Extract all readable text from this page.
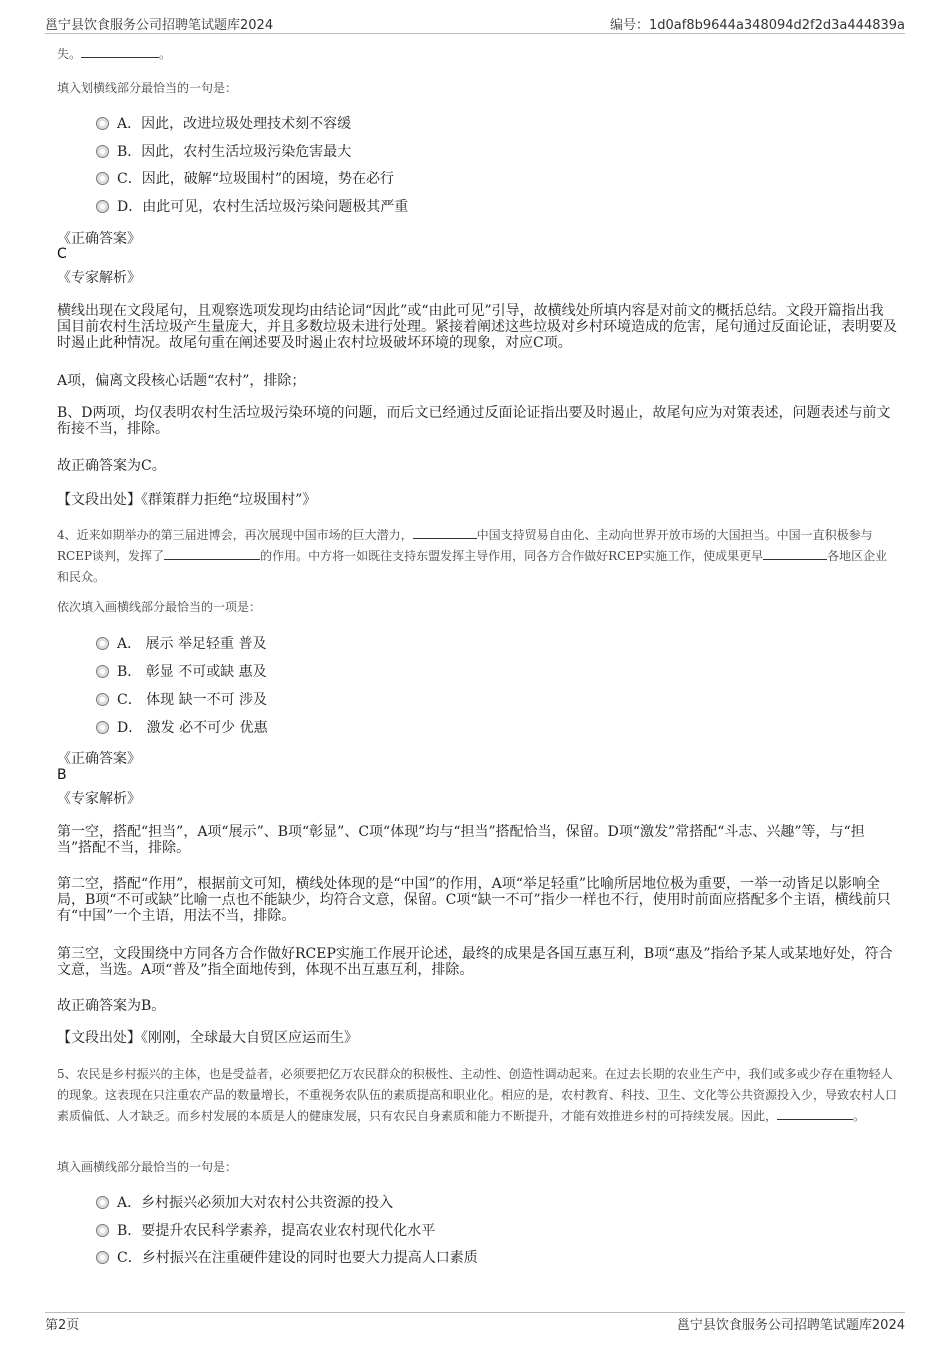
邕宁县饮食服务公司招聘笔试题库2024	编号：1d0af8b9644a348094d2f2d3a444839a
失。	。
填入划横线部分最恰当的一句是：
A．因此，改进垃圾处理技术刻不容缓
B．因此，农村生活垃圾污染危害最大
C．因此，破解“垃圾围村”的困境，势在必行
D．由此可见，农村生活垃圾污染问题极其严重
《正确答案》
C
《专家解析》
横线出现在文段尾句，且观察选项发现均由结论词“因此”或“由此可见”引导，故横线处所填内容是对前文的概括总结。文段开篇指出我国目前农村生活垃圾产生量庞大，并且多数垃圾未进行处理。紧接着阐述这些垃圾对乡村环境造成的危害，尾句通过反面论证，表明要及时遏止此种情况。故尾句重在阐述要及时遏止农村垃圾破坏环境的现象，对应C项。
A项，偏离文段核心话题“农村”，排除；
B、D两项，均仅表明农村生活垃圾污染环境的问题，而后文已经通过反面论证指出要及时遏止，故尾句应为对策表述，问题表述与前文衔接不当，排除。
故正确答案为C。
【文段出处】《群策群力拒绝“垃圾围村”》
4、近来如期举办的第三届进博会，再次展现中国市场的巨大潜力，	中国支持贸易自由化、主动向世界开放市场的大国担当。中国一直积极参与RCEP谈判，发挥了	的作用。中方将一如既往支持东盟发挥主导作用，同各方合作做好RCEP实施工作，使成果更早	各地区企业和民众。
依次填入画横线部分最恰当的一项是：
A． 展示 举足轻重 普及
B． 彰显 不可或缺 惠及
C． 体现 缺一不可 涉及
D． 激发 必不可少 优惠
《正确答案》
B
《专家解析》
第一空，搭配“担当”，A项“展示”、B项“彰显”、C项“体现”均与“担当”搭配恰当，保留。D项“激发”常搭配“斗志、兴趣”等，与“担当”搭配不当，排除。
第二空，搭配“作用”，根据前文可知，横线处体现的是“中国”的作用，A项“举足轻重”比喻所居地位极为重要，一举一动皆足以影响全局，B项“不可或缺”比喻一点也不能缺少，均符合文意，保留。C项“缺一不可”指少一样也不行，使用时前面应搭配多个主语，横线前只有“中国”一个主语，用法不当，排除。
第三空，文段围绕中方同各方合作做好RCEP实施工作展开论述，最终的成果是各国互惠互利，B项“惠及”指给予某人或某地好处，符合文意，当选。A项“普及”指全面地传到，体现不出互惠互利，排除。
故正确答案为B。
【文段出处】《刚刚，全球最大自贸区应运而生》
5、农民是乡村振兴的主体，也是受益者，必须要把亿万农民群众的积极性、主动性、创造性调动起来。在过去长期的农业生产中，我们或多或少存在重物轻人的现象。这表现在只注重农产品的数量增长，不重视务农队伍的素质提高和职业化。相应的是，农村教育、科技、卫生、文化等公共资源投入少，导致农村人口素质偏低、人才缺乏。而乡村发展的本质是人的健康发展，只有农民自身素质和能力不断提升，才能有效推进乡村的可持续发展。因此，	。
填入画横线部分最恰当的一句是：
A．乡村振兴必须加大对农村公共资源的投入
B．要提升农民科学素养，提高农业农村现代化水平
C．乡村振兴在注重硬件建设的同时也要大力提高人口素质
第2页	邕宁县饮食服务公司招聘笔试题库2024
